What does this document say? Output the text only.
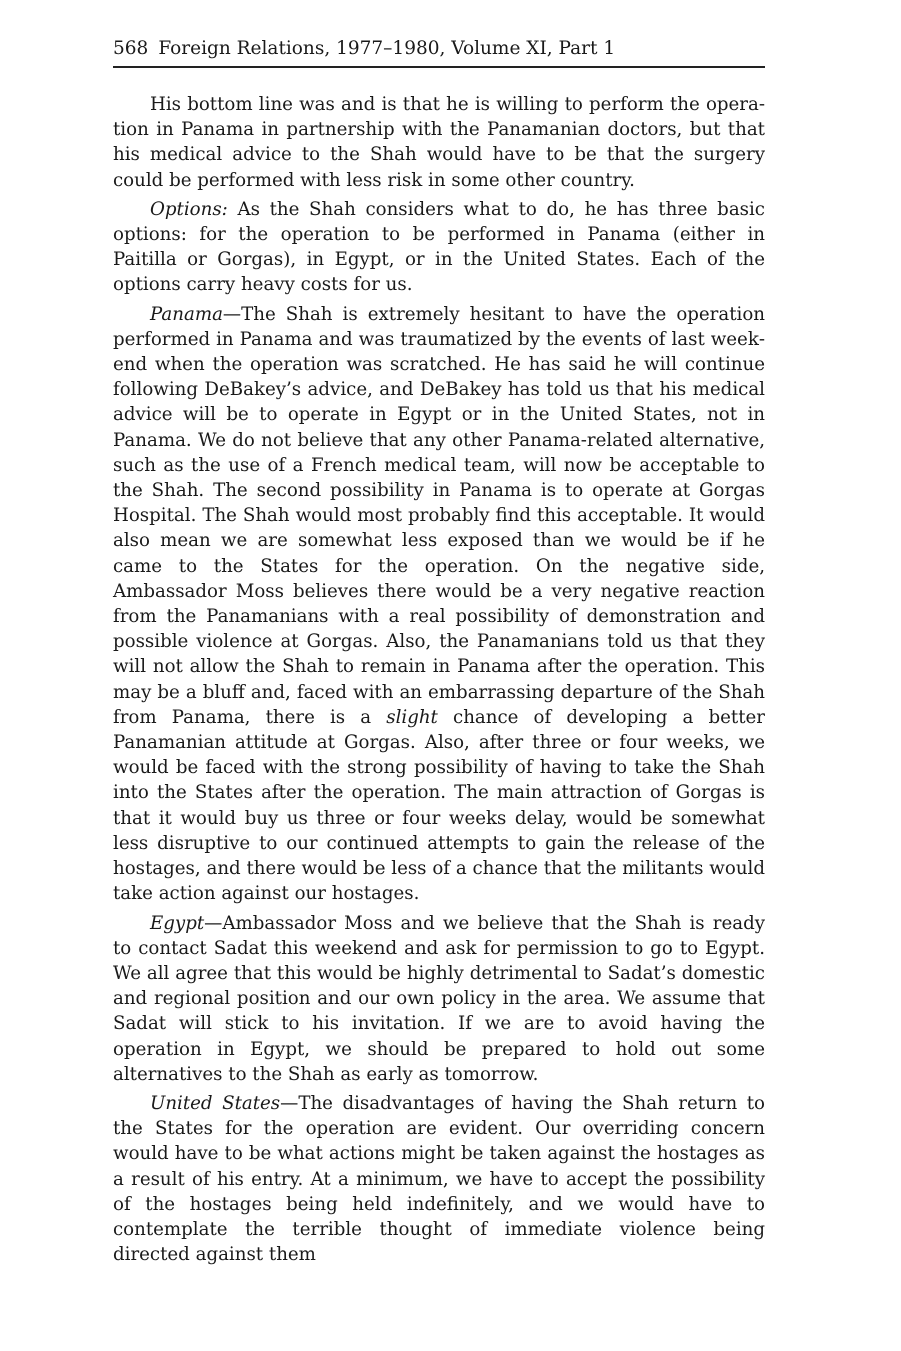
568 Foreign Relations, 1977–1980, Volume XI, Part 1

His bottom line was and is that he is willing to perform the operation in Panama in partnership with the Panamanian doctors, but that his medical advice to the Shah would have to be that the surgery could be performed with less risk in some other country.

Options: As the Shah considers what to do, he has three basic options: for the operation to be performed in Panama (either in Paitilla or Gorgas), in Egypt, or in the United States. Each of the options carry heavy costs for us.

Panama—The Shah is extremely hesitant to have the operation performed in Panama and was traumatized by the events of last weekend when the operation was scratched. He has said he will continue following DeBakey’s advice, and DeBakey has told us that his medical advice will be to operate in Egypt or in the United States, not in Panama. We do not believe that any other Panama-related alternative, such as the use of a French medical team, will now be acceptable to the Shah. The second possibility in Panama is to operate at Gorgas Hospital. The Shah would most probably find this acceptable. It would also mean we are somewhat less exposed than we would be if he came to the States for the operation. On the negative side, Ambassador Moss believes there would be a very negative reaction from the Panamanians with a real possibility of demonstration and possible violence at Gorgas. Also, the Panamanians told us that they will not allow the Shah to remain in Panama after the operation. This may be a bluff and, faced with an embarrassing departure of the Shah from Panama, there is a slight chance of developing a better Panamanian attitude at Gorgas. Also, after three or four weeks, we would be faced with the strong possibility of having to take the Shah into the States after the operation. The main attraction of Gorgas is that it would buy us three or four weeks delay, would be somewhat less disruptive to our continued attempts to gain the release of the hostages, and there would be less of a chance that the militants would take action against our hostages.

Egypt—Ambassador Moss and we believe that the Shah is ready to contact Sadat this weekend and ask for permission to go to Egypt. We all agree that this would be highly detrimental to Sadat’s domestic and regional position and our own policy in the area. We assume that Sadat will stick to his invitation. If we are to avoid having the operation in Egypt, we should be prepared to hold out some alternatives to the Shah as early as tomorrow.

United States—The disadvantages of having the Shah return to the States for the operation are evident. Our overriding concern would have to be what actions might be taken against the hostages as a result of his entry. At a minimum, we have to accept the possibility of the hostages being held indefinitely, and we would have to contemplate the terrible thought of immediate violence being directed against them
